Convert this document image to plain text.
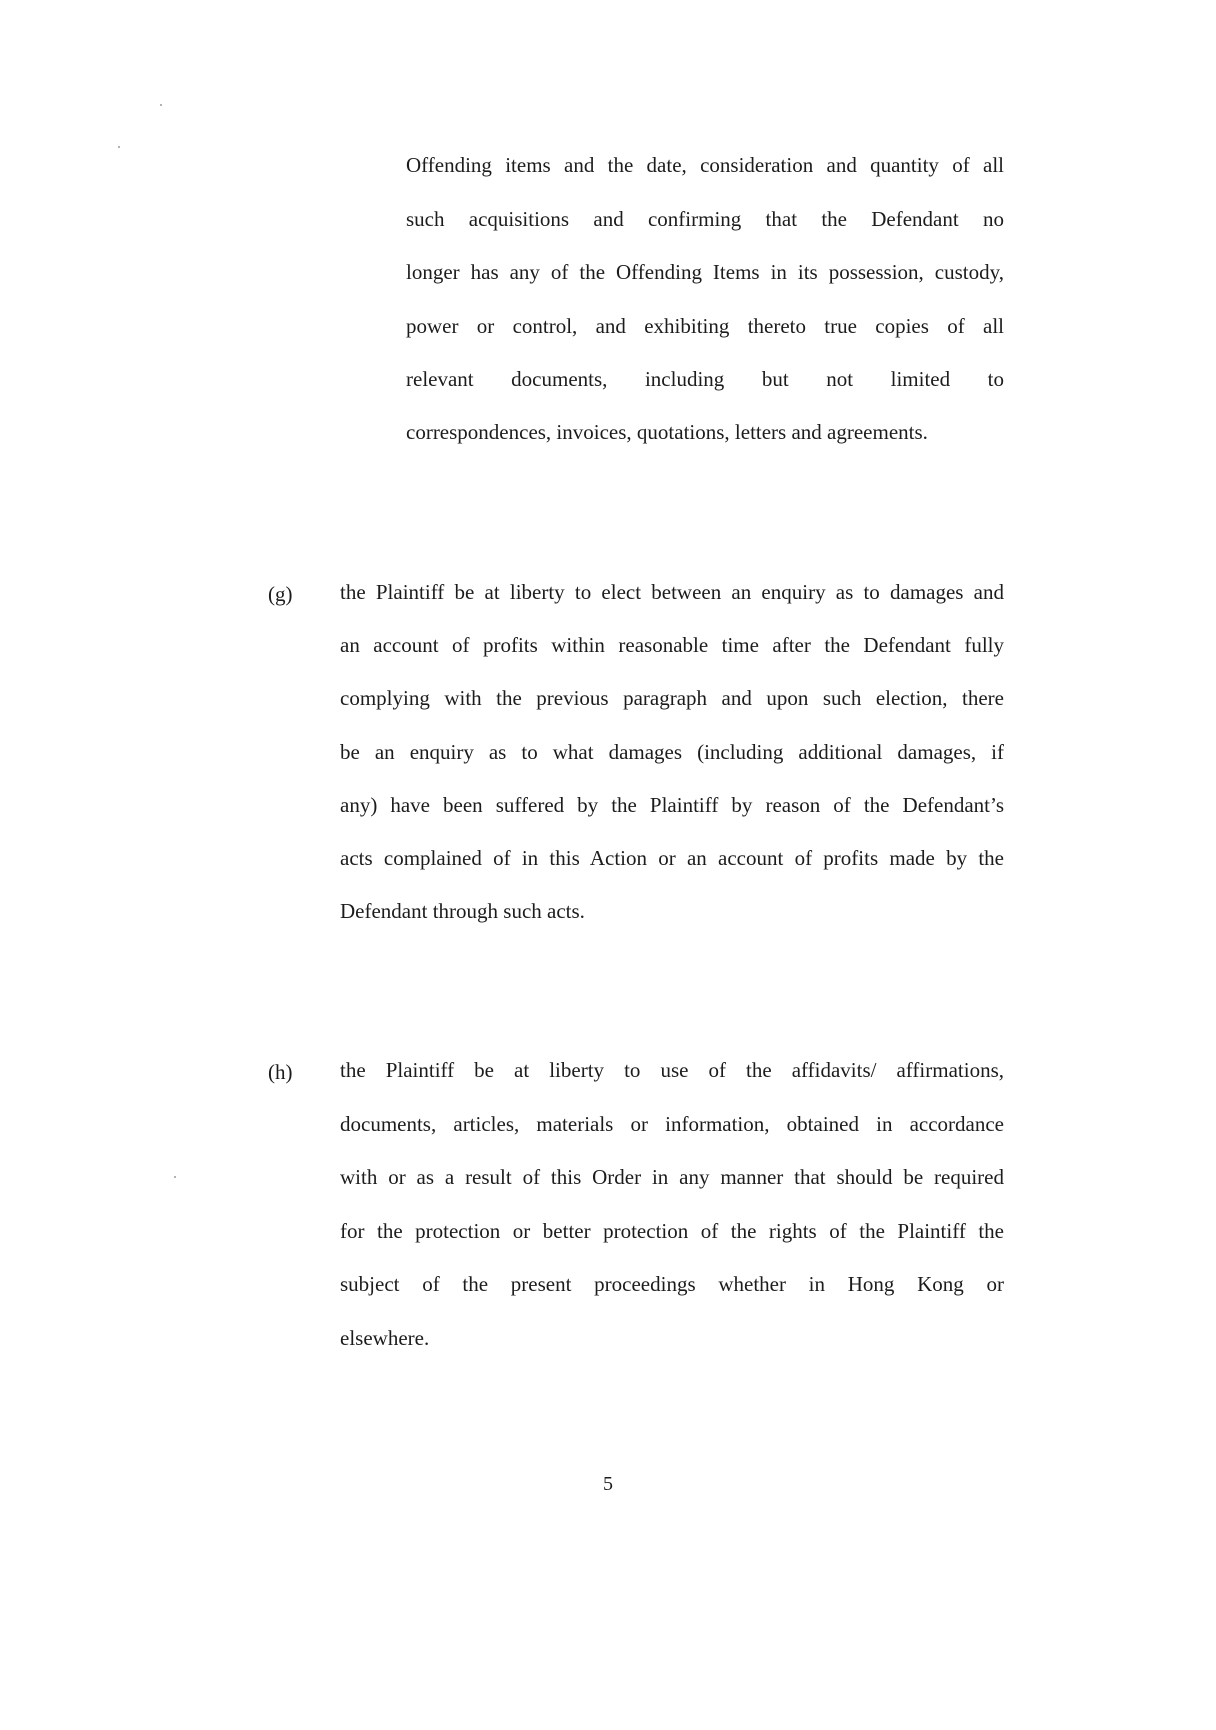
Offending items and the date, consideration and quantity of all
such acquisitions and confirming that the Defendant no
longer has any of the Offending Items in its possession, custody,
power or control, and exhibiting thereto true copies of all
relevant documents, including but not limited to
correspondences, invoices, quotations, letters and agreements.
(g) the Plaintiff be at liberty to elect between an enquiry as to damages and
an account of profits within reasonable time after the Defendant fully
complying with the previous paragraph and upon such election, there
be an enquiry as to what damages (including additional damages, if
any) have been suffered by the Plaintiff by reason of the Defendant’s
acts complained of in this Action or an account of profits made by the
Defendant through such acts.
(h) the Plaintiff be at liberty to use of the affidavits/ affirmations,
documents, articles, materials or information, obtained in accordance
with or as a result of this Order in any manner that should be required
for the protection or better protection of the rights of the Plaintiff the
subject of the present proceedings whether in Hong Kong or
elsewhere.
5
